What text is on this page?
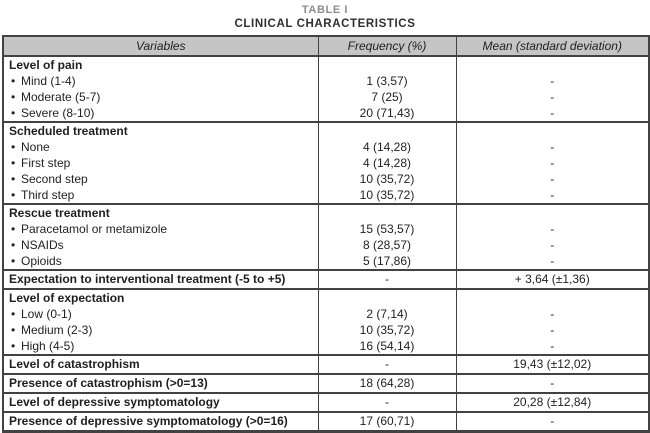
TABLE I
CLINICAL CHARACTERISTICS
Variables	Frequency (%)	Mean (standard deviation)
Level of pain		
• Mind (1-4)	1 (3,57)	-
• Moderate (5-7)	7 (25)	-
• Severe (8-10)	20 (71,43)	-
Scheduled treatment		
• None	4 (14,28)	-
• First step	4 (14,28)	-
• Second step	10 (35,72)	-
• Third step	10 (35,72)	-
Rescue treatment		
• Paracetamol or metamizole	15 (53,57)	-
• NSAIDs	8 (28,57)	-
• Opioids	5 (17,86)	-
Expectation to interventional treatment (-5 to +5)	-	+ 3,64 (±1,36)
Level of expectation		
• Low (0-1)	2 (7,14)	-
• Medium (2-3)	10 (35,72)	-
• High (4-5)	16 (54,14)	-
Level of catastrophism	-	19,43 (±12,02)
Presence of catastrophism (>0=13)	18 (64,28)	-
Level of depressive symptomatology	-	20,28 (±12,84)
Presence of depressive symptomatology (>0=16)	17 (60,71)	-
